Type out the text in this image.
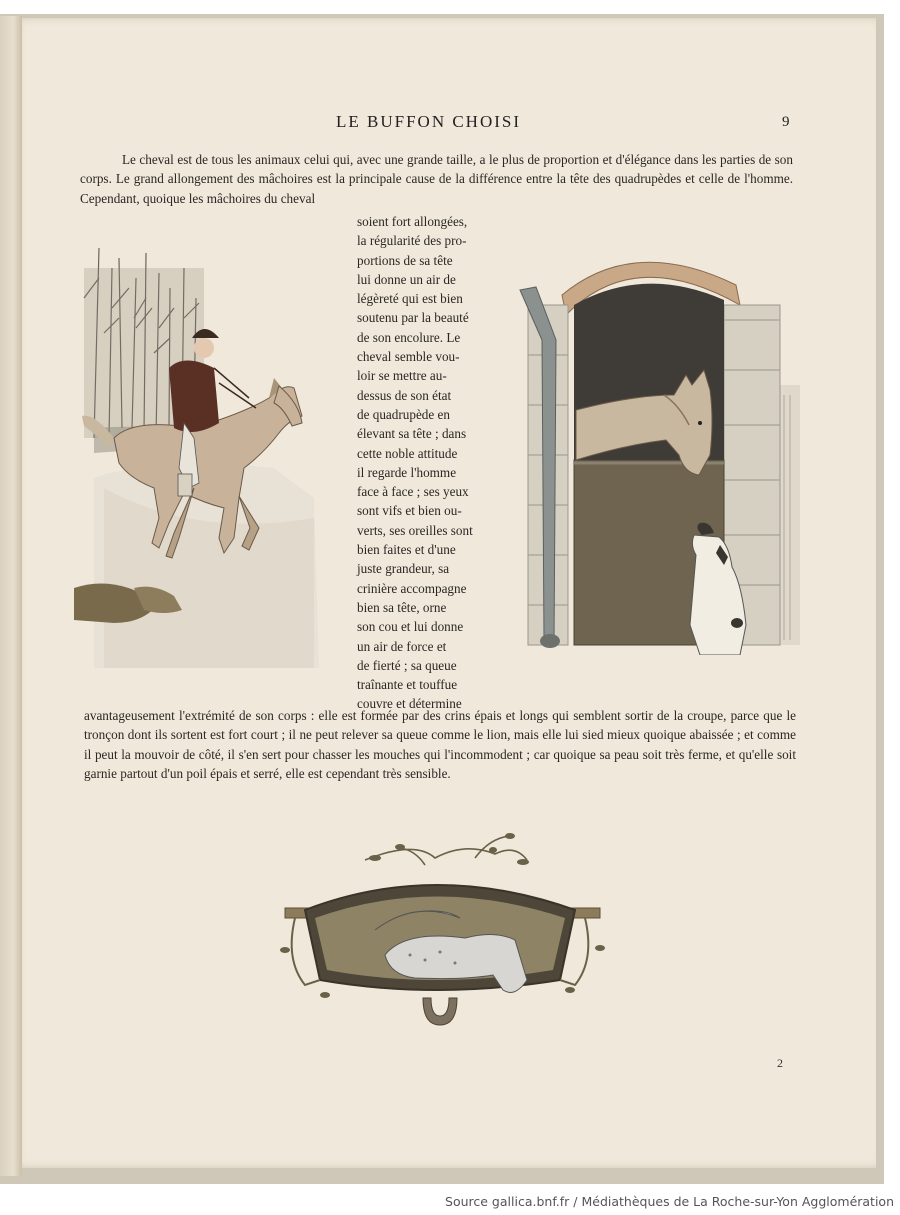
LE BUFFON CHOISI	9
Le cheval est de tous les animaux celui qui, avec une grande taille, a le plus de proportion et d'élégance dans les parties de son corps. Le grand allongement des mâchoires est la principale cause de la différence entre la tête des quadrupèdes et celle de l'homme. Cependant, quoique les mâchoires du cheval
soient fort allongées,
la régularité des pro-
portions de sa tête
lui donne un air de
légèreté qui est bien
soutenu par la beauté
de son encolure. Le
cheval semble vou-
loir se mettre au-
dessus de son état
de quadrupède en
élevant sa tête ; dans
cette noble attitude
il regarde l'homme
face à face ; ses yeux
sont vifs et bien ou-
verts, ses oreilles sont
bien faites et d'une
juste grandeur, sa
crinière accompagne
bien sa tête, orne
son cou et lui donne
un air de force et
de fierté ; sa queue
traînante et touffue
couvre et détermine
avantageusement l'extrémité de son corps : elle est formée par des crins épais et longs qui semblent sortir de la croupe, parce que le tronçon dont ils sortent est fort court ; il ne peut relever sa queue comme le lion, mais elle lui sied mieux quoique abaissée ; et comme il peut la mouvoir de côté, il s'en sert pour chasser les mouches qui l'incommodent ; car quoique sa peau soit très ferme, et qu'elle soit garnie partout d'un poil épais et serré, elle est cependant très sensible.
2
Source gallica.bnf.fr / Médiathèques de La Roche-sur-Yon Agglomération
